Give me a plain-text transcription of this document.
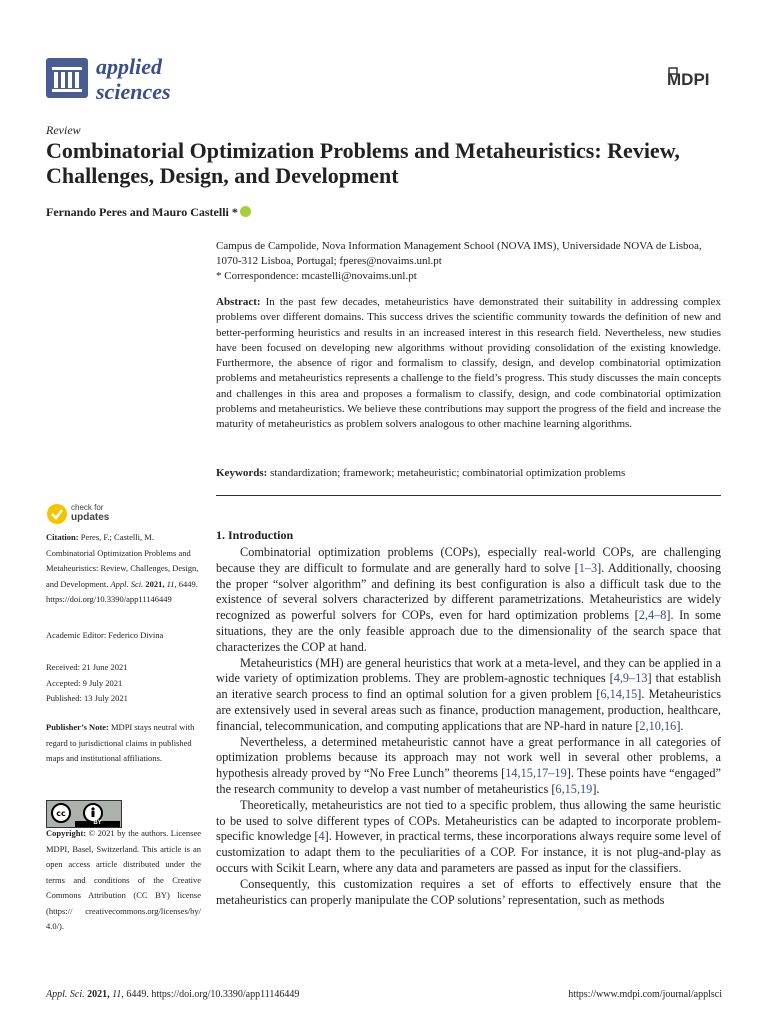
applied
sciences	MDPI
Review
Combinatorial Optimization Problems and Metaheuristics: Review, Challenges, Design, and Development
Fernando Peres and Mauro Castelli *
Campus de Campolide, Nova Information Management School (NOVA IMS), Universidade NOVA de Lisboa,
1070-312 Lisboa, Portugal; fperes@novaims.unl.pt
* Correspondence: mcastelli@novaims.unl.pt
Abstract: In the past few decades, metaheuristics have demonstrated their suitability in addressing complex problems over different domains. This success drives the scientific community towards the definition of new and better-performing heuristics and results in an increased interest in this research field. Nevertheless, new studies have been focused on developing new algorithms without providing consolidation of the existing knowledge. Furthermore, the absence of rigor and formalism to classify, design, and develop combinatorial optimization problems and metaheuristics represents a challenge to the field’s progress. This study discusses the main concepts and challenges in this area and proposes a formalism to classify, design, and code combinatorial optimization problems and metaheuristics. We believe these contributions may support the progress of the field and increase the maturity of metaheuristics as problem solvers analogous to other machine learning algorithms.
Keywords: standardization; framework; metaheuristic; combinatorial optimization problems
check for
updates
Citation: Peres, F.; Castelli, M. Combinatorial Optimization Problems and Metaheuristics: Review, Challenges, Design, and Development. Appl. Sci. 2021, 11, 6449. https://doi.org/10.3390/app11146449
Academic Editor: Federico Divina
Received: 21 June 2021
Accepted: 9 July 2021
Published: 13 July 2021
Publisher’s Note: MDPI stays neutral with regard to jurisdictional claims in published maps and institutional affiliations.
cc
BY
Copyright: © 2021 by the authors. Licensee MDPI, Basel, Switzerland. This article is an open access article distributed under the terms and conditions of the Creative Commons Attribution (CC BY) license (https:// creativecommons.org/licenses/by/ 4.0/).
1. Introduction

Combinatorial optimization problems (COPs), especially real-world COPs, are challenging because they are difficult to formulate and are generally hard to solve [1–3]. Additionally, choosing the proper “solver algorithm” and defining its best configuration is also a difficult task due to the existence of several solvers characterized by different parametrizations. Metaheuristics are widely recognized as powerful solvers for COPs, even for hard optimization problems [2,4–8]. In some situations, they are the only feasible approach due to the dimensionality of the search space that characterizes the COP at hand.

Metaheuristics (MH) are general heuristics that work at a meta-level, and they can be applied in a wide variety of optimization problems. They are problem-agnostic techniques [4,9–13] that establish an iterative search process to find an optimal solution for a given problem [6,14,15]. Metaheuristics are extensively used in several areas such as finance, production management, production, healthcare, financial, telecommunication, and computing applications that are NP-hard in nature [2,10,16].

Nevertheless, a determined metaheuristic cannot have a great performance in all categories of optimization problems because its approach may not work well in several other problems, a hypothesis already proved by “No Free Lunch” theorems [14,15,17–19]. These points have “engaged” the research community to develop a vast number of metaheuristics [6,15,19].

Theoretically, metaheuristics are not tied to a specific problem, thus allowing the same heuristic to be used to solve different types of COPs. Metaheuristics can be adapted to incorporate problem-specific knowledge [4]. However, in practical terms, these incorporations always require some level of customization to adapt them to the peculiarities of a COP. For instance, it is not plug-and-play as occurs with Scikit Learn, where any data and parameters are passed as input for the classifiers.

Consequently, this customization requires a set of efforts to effectively ensure that the metaheuristics can properly manipulate the COP solutions’ representation, such as methods

Appl. Sci. 2021, 11, 6449. https://doi.org/10.3390/app11146449	https://www.mdpi.com/journal/applsci
